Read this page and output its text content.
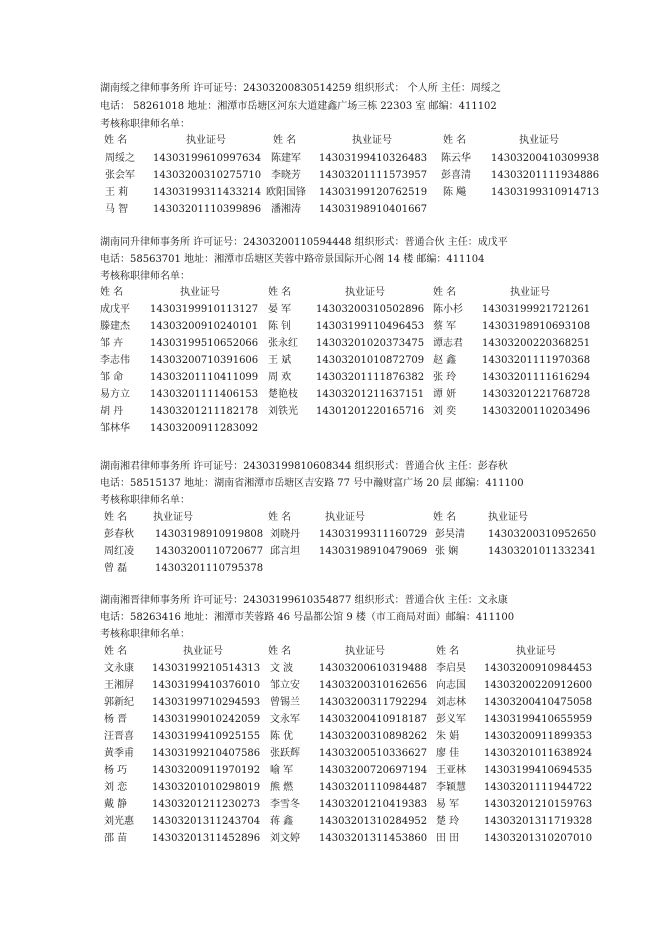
湖南绥之律师事务所 许可证号：24303200830514259 组织形式： 个人所 主任：周绥之
电话： 58261018 地址：湘潭市岳塘区河东大道建鑫广场三栋 22303 室 邮编：411102
考核称职律师名单：
姓 名	执业证号	姓 名	执业证号	姓 名	执业证号
周绥之 14303199610997634 陈建军 14303199410326483 陈云华 14303200410309938
张会军 14303200310275710 李晓芳 14303201111573957 彭喜清 14303201111934886
王 莉 14303199311433214 欧阳国锋 14303199120762519 陈 飚 14303199310914713
马 智 14303201110399896 潘湘涛 14303198910401667
湖南同升律师事务所 许可证号：24303200110594448 组织形式：普通合伙 主任：成戊平
电话：58563701 地址：湘潭市岳塘区芙蓉中路帝景国际开心阁 14 楼 邮编：411104
考核称职律师名单：
姓 名	执业证号	姓 名	执业证号	姓 名	执业证号
成戊平 14303199910113127 晏 军 14303200310502896 陈小杉 14303199921721261
滕建杰 14303200910240101 陈 钊 14303199110496453 蔡 军	14303198910693108
邹 卉	14303199510652066 张永红 14303201020373475 谭志君 14303200220368251
李志伟 14303200710391606 王 斌 14303201010872709 赵 鑫	14303201111970368
邹 命	14303201110411099 周 欢 14303201111876382 张 玲	14303201111616294
易方立 14303201111406153 楚艳枝 14303201211637151 谭 妍	14303201221768728
胡 丹	14303201211182178 刘铁光 14301201220165716 刘 奕	14303200110203496
邹林华 14303200911283092
湖南湘君律师事务所 许可证号：24303199810608344 组织形式：普通合伙 主任：彭春秋
电话：58515137 地址：湖南省湘潭市岳塘区吉安路 77 号中瀚财富广场 20 层 邮编：411100
考核称职律师名单：
姓 名	执业证号	姓 名	执业证号	姓 名	执业证号
彭春秋 14303198910919808 刘晓丹 14303199311160729 彭昊清 14303200310952650
周红凌 14303200110720677 邱言坦 14303198910479069 张 娴	14303201011332341
曾 磊	14303201110795378
湖南湘晋律师事务所 许可证号：24303199610354877 组织形式：普通合伙 主任：文永康
电话：58263416 地址：湘潭市芙蓉路 46 号晶都公馆 9 楼（市工商局对面）邮编：411100
考核称职律师名单：
姓 名	执业证号	姓 名	执业证号	姓 名	执业证号
文永康 14303199210514313 文 波	14303200610319488 李启昊 14303200910984453
王湘屏 14303199410376010 邹立安 14303200310162656 向志国 14303200220912600
郭新纪 14303199710294593 曾锡兰 14303200311792294 刘志林 14303200410475058
杨 晋 14303199010242059 文永军 14303200410918187 彭义军 14303199410655959
汪晋喜 14303199410925155 陈 优	14303200310898262 朱 娟 14303200911899353
黄季甫 14303199210407586 张跃辉 14303200510336627 廖 佳 14303201011638924
杨 巧 14303200911970192 喻 军	14303200720697194 王亚林 14303199410694535
刘 恋 14303201010298019 熊 燃	14303201110984487 李颖慧 14303201111944722
戴 静 14303201211230273 李雪冬 14303201210419383 易 军 14303201210159763
刘光惠 14303201311243704 蒋 鑫	14303201310284952 楚 玲 14303201311719328
邵 苗 14303201311452896 刘文婷 14303201311453860 田 田 14303201310207010
